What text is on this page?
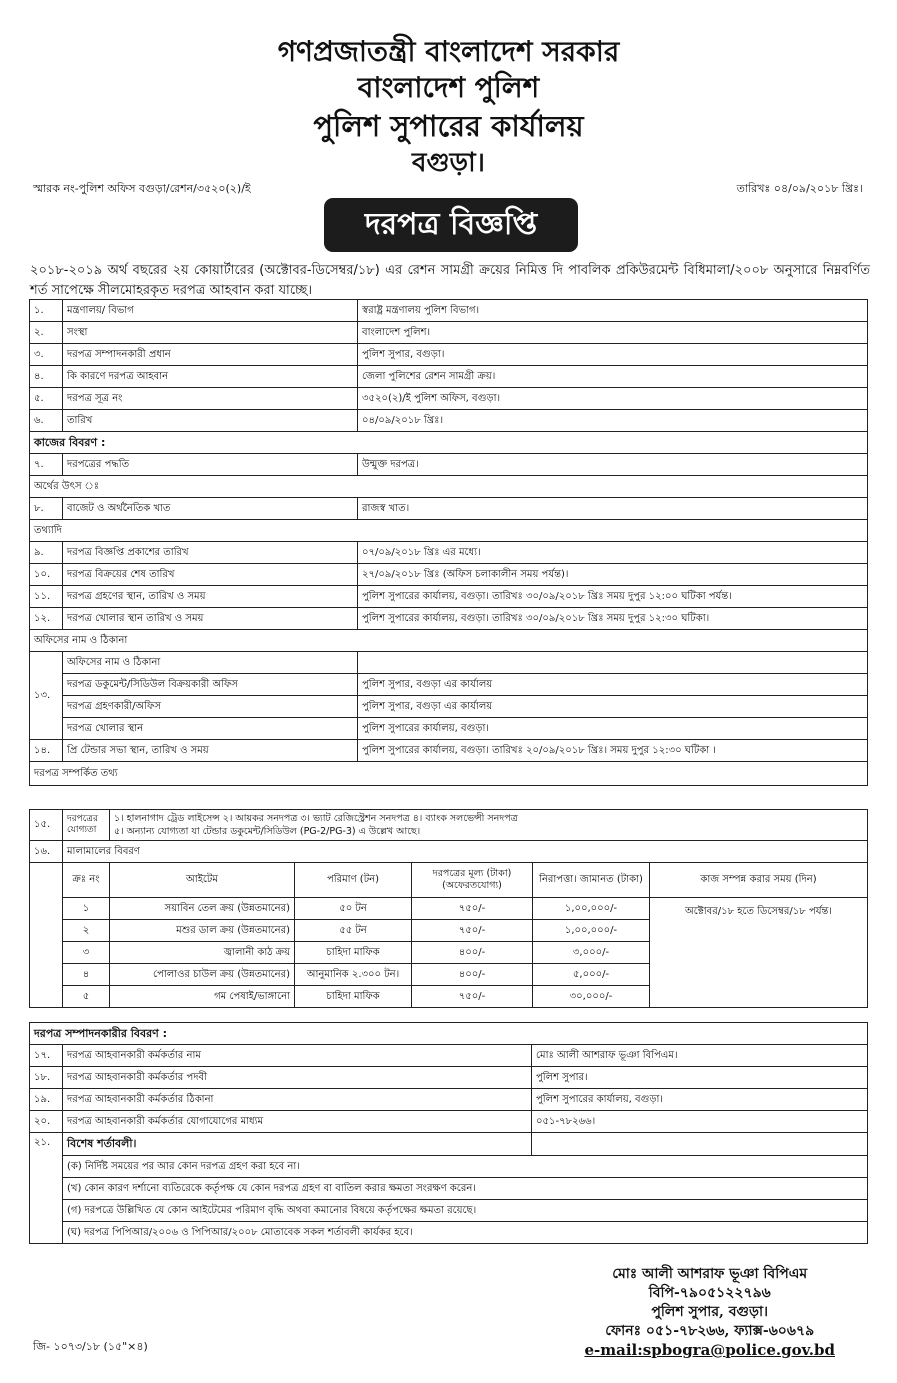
গণপ্রজাতন্ত্রী বাংলাদেশ সরকার
বাংলাদেশ পুলিশ
পুলিশ সুপারের কার্যালয়
বগুড়া।
স্মারক নং-পুলিশ অফিস বগুড়া/রেশন/৩৫২০(২)/ই	তারিখঃ ০৪/০৯/২০১৮ খ্রিঃ।
দরপত্র বিজ্ঞপ্তি
২০১৮-২০১৯ অর্থ বছরের ২য় কোয়ার্টারের (অক্টোবর-ডিসেম্বর/১৮) এর রেশন সামগ্রী ক্রয়ের নিমিত্ত দি পাবলিক প্রকিউরমেন্ট বিধিমালা/২০০৮ অনুসারে নিম্নবর্ণিত শর্ত সাপেক্ষে সীলমোহরকৃত দরপত্র আহবান করা যাচ্ছে।
১.	মন্ত্রণালয়/ বিভাগ	স্বরাষ্ট্র মন্ত্রণালয় পুলিশ বিভাগ।
২.	সংস্থা	বাংলাদেশ পুলিশ।
৩.	দরপত্র সম্পাদনকারী প্রধান	পুলিশ সুপার, বগুড়া।
৪.	কি কারণে দরপত্র আহবান	জেলা পুলিশের রেশন সামগ্রী ক্রয়।
৫.	দরপত্র সূত্র নং	৩৫২০(২)/ই পুলিশ অফিস, বগুড়া।
৬.	তারিখ	০৪/০৯/২০১৮ খ্রিঃ।
কাজের বিবরণ :		
৭.	দরপত্রের পদ্ধতি	উন্মুক্ত দরপত্র।
অর্থের উৎস ঃ		
৮.	বাজেট ও অর্থনৈতিক খাত	রাজস্ব খাত।
তথ্যাদি		
৯.	দরপত্র বিজ্ঞপ্তি প্রকাশের তারিখ	০৭/০৯/২০১৮ খ্রিঃ এর মধ্যে।
১০.	দরপত্র বিক্রয়ের শেষ তারিখ	২৭/০৯/২০১৮ খ্রিঃ (অফিস চলাকালীন সময় পর্যন্ত)।
১১.	দরপত্র গ্রহণের স্থান, তারিখ ও সময়	পুলিশ সুপারের কার্যালয়, বগুড়া। তারিখঃ ৩০/০৯/২০১৮ খ্রিঃ সময় দুপুর ১২:০০ ঘটিকা পর্যন্ত।
১২.	দরপত্র খোলার স্থান তারিখ ও সময়	পুলিশ সুপারের কার্যালয়, বগুড়া। তারিখঃ ৩০/০৯/২০১৮ খ্রিঃ সময় দুপুর ১২:৩০ ঘটিকা।
অফিসের নাম ও ঠিকানা		
১৩.	অফিসের নাম ও ঠিকানা	
	দরপত্র ডকুমেন্ট/সিডিউল বিক্রয়কারী অফিস	পুলিশ সুপার, বগুড়া এর কার্যালয়
	দরপত্র গ্রহণকারী/অফিস	পুলিশ সুপার, বগুড়া এর কার্যালয়
	দরপত্র খোলার স্থান	পুলিশ সুপারের কার্যালয়, বগুড়া।
১৪.	প্রি টেন্ডার সভা স্থান, তারিখ ও সময়	পুলিশ সুপারের কার্যালয়, বগুড়া। তারিখঃ ২০/০৯/২০১৮ খ্রিঃ। সময় দুপুর ১২:৩০ ঘটিকা ।
দরপত্র সম্পর্কিত তথ্য		
১৫.	দরপত্রের যোগ্যতা	১। হালনাগাদ ট্রেড লাইসেন্স ২। আয়কর সনদপত্র ৩। ভ্যাট রেজিস্ট্রেশন সনদপত্র ৪। ব্যাংক সলভেন্সী সনদপত্র
৫। অন্যান্য যোগ্যতা যা টেন্ডার ডকুমেন্ট/সিডিউল (PG-2/PG-3) এ উল্লেখ আছে।				

১৬.	মালামালের বিবরণ					
	ক্রঃ নং	আইটেম	পরিমাণ (টন)	দরপত্রের মূল্য (টাকা) (অফেরতযোগ্য)	নিরাপত্তা। জামানত (টাকা)	কাজ সম্পন্ন করার সময় (দিন)
	১	সয়াবিন তেল ক্রয় (উন্নতমানের)	৫০ টন	৭৫০/-	১,০০,০০০/-	অক্টোবর/১৮ হতে ডিসেম্বর/১৮ পর্যন্ত।
	২	মশুর ডাল ক্রয় (উন্নতমানের)	৫৫ টন	৭৫০/-	১,০০,০০০/-	
	৩	জ্বালানী কাঠ ক্রয়	চাহিদা মাফিক	৪০০/-	৩,০০০/-	
	৪	পোলাওর চাউল ক্রয় (উন্নতমানের)	আনুমানিক ২.৩০০ টন।	৪০০/-	৫,০০০/-	
	৫	গম পেষাই/ভাঙ্গানো	চাহিদা মাফিক	৭৫০/-	৩০,০০০/-	
দরপত্র সম্পাদনকারীর বিবরণ :		
১৭.	দরপত্র আহবানকারী কর্মকর্তার নাম	মোঃ আলী আশরাফ ভূঞা বিপিএম।
১৮.	দরপত্র আহবানকারী কর্মকর্তার পদবী	পুলিশ সুপার।
১৯.	দরপত্র আহবানকারী কর্মকর্তার ঠিকানা	পুলিশ সুপারের কার্যালয়, বগুড়া।
২০.	দরপত্র আহবানকারী কর্মকর্তার যোগাযোগের মাধ্যম	০৫১-৭৮২৬৬।
২১.	বিশেষ শর্তাবলী।	
	(ক) নির্দিষ্ট সময়ের পর আর কোন দরপত্র গ্রহণ করা হবে না।	
	(খ) কোন কারণ দর্শানো ব্যতিরেকে কর্তৃপক্ষ যে কোন দরপত্র গ্রহণ বা বাতিল করার ক্ষমতা সংরক্ষণ করেন।	
	(গ) দরপত্রে উল্লিখিত যে কোন আইটেমের পরিমাণ বৃদ্ধি অথবা কমানোর বিষয়ে কর্তৃপক্ষের ক্ষমতা রয়েছে।	
	(ঘ) দরপত্র পিপিআর/২০০৬ ও পিপিআর/২০০৮ মোতাবেক সকল শর্তাবলী কার্যকর হবে।	
মোঃ আলী আশরাফ ভূঞা বিপিএম
বিপি-৭৯০৫১২২৭৯৬
পুলিশ সুপার, বগুড়া।
ফোনঃ ০৫১-৭৮২৬৬, ফ্যাক্স-৬০৬৭৯
e-mail:spbogra@police.gov.bd
জি- ১০৭৩/১৮ (১৫"×৪)
